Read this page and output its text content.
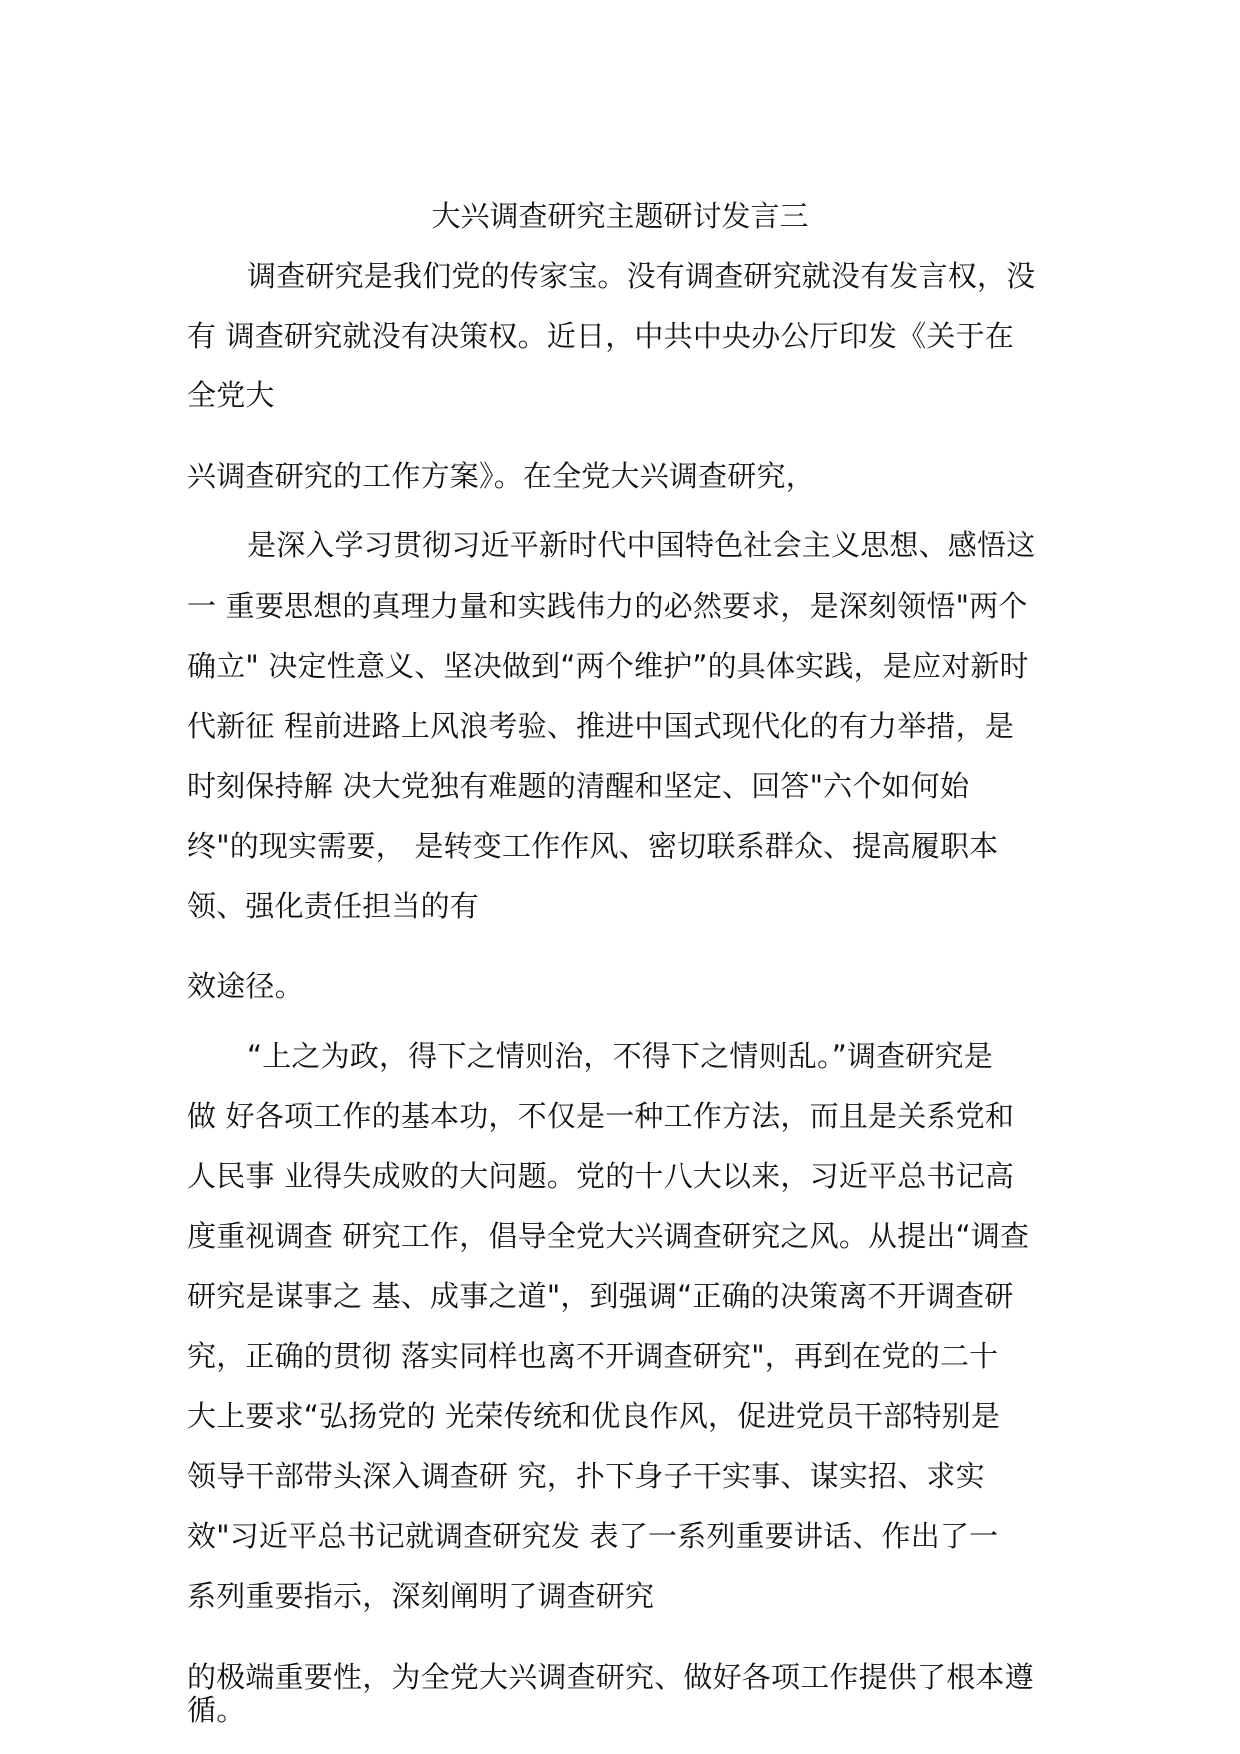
大兴调查研究主题研讨发言三
调查研究是我们党的传家宝。没有调查研究就没有发言权，没
有 调查研究就没有决策权。近日，中共中央办公厅印发《关于在
全党大
兴调查研究的工作方案》。在全党大兴调查研究，
是深入学习贯彻习近平新时代中国特色社会主义思想、感悟这
一 重要思想的真理力量和实践伟力的必然要求，是深刻领悟"两个
确立" 决定性意义、坚决做到“两个维护”的具体实践，是应对新时
代新征 程前进路上风浪考验、推进中国式现代化的有力举措，是
时刻保持解 决大党独有难题的清醒和坚定、回答"六个如何始
终"的现实需要， 是转变工作作风、密切联系群众、提高履职本
领、强化责任担当的有
效途径。
“上之为政，得下之情则治，不得下之情则乱。”调查研究是
做 好各项工作的基本功，不仅是一种工作方法，而且是关系党和
人民事 业得失成败的大问题。党的十八大以来，习近平总书记高
度重视调查 研究工作，倡导全党大兴调查研究之风。从提出“调查
研究是谋事之 基、成事之道"，到强调“正确的决策离不开调查研
究，正确的贯彻 落实同样也离不开调查研究"，再到在党的二十
大上要求“弘扬党的 光荣传统和优良作风，促进党员干部特别是
领导干部带头深入调查研 究，扑下身子干实事、谋实招、求实
效"习近平总书记就调查研究发 表了一系列重要讲话、作出了一
系列重要指示，深刻阐明了调查研究
的极端重要性，为全党大兴调查研究、做好各项工作提供了根本遵
循。
